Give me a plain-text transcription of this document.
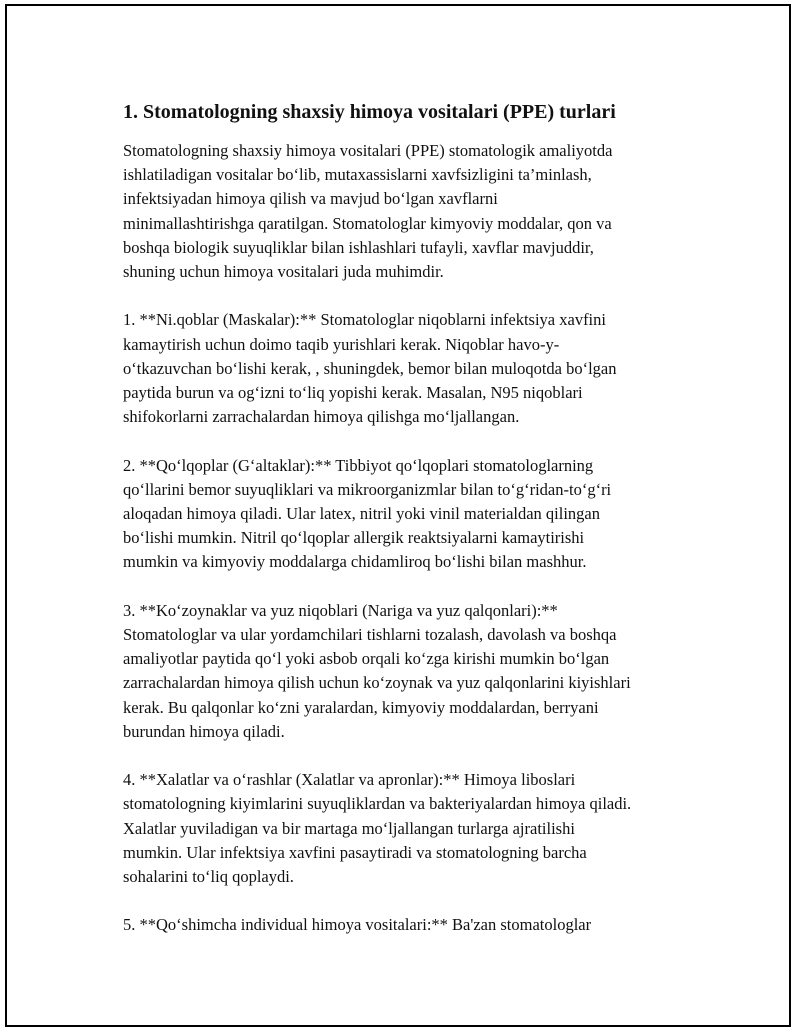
1. Stomatologning shaxsiy himoya vositalari (PPE) turlari
Stomatologning shaxsiy himoya vositalari (PPE) stomatologik amaliyotda
ishlatiladigan vositalar bo‘lib, mutaxassislarni xavfsizligini ta’minlash,
infektsiyadan himoya qilish va mavjud bo‘lgan xavflarni
minimallashtirishga qaratilgan. Stomatologlar kimyoviy moddalar, qon va
boshqa biologik suyuqliklar bilan ishlashlari tufayli, xavflar mavjuddir,
shuning uchun himoya vositalari juda muhimdir.
1. **Ni.qoblar (Maskalar):** Stomatologlar niqoblarni infektsiya xavfini
kamaytirish uchun doimo taqib yurishlari kerak. Niqoblar havo-y-
o‘tkazuvchan bo‘lishi kerak, , shuningdek, bemor bilan muloqotda bo‘lgan
paytida burun va og‘izni to‘liq yopishi kerak. Masalan, N95 niqoblari
shifokorlarni zarrachalardan himoya qilishga mo‘ljallangan.
2. **Qo‘lqoplar (G‘altaklar):** Tibbiyot qo‘lqoplari stomatologlarning
qo‘llarini bemor suyuqliklari va mikroorganizmlar bilan to‘g‘ridan-to‘g‘ri
aloqadan himoya qiladi. Ular latex, nitril yoki vinil materialdan qilingan
bo‘lishi mumkin. Nitril qo‘lqoplar allergik reaktsiyalarni kamaytirishi
mumkin va kimyoviy moddalarga chidamliroq bo‘lishi bilan mashhur.
3. **Ko‘zoynaklar va yuz niqoblari (Nariga va yuz qalqonlari):**
Stomatologlar va ular yordamchilari tishlarni tozalash, davolash va boshqa
amaliyotlar paytida qo‘l yoki asbob orqali ko‘zga kirishi mumkin bo‘lgan
zarrachalardan himoya qilish uchun ko‘zoynak va yuz qalqonlarini kiyishlari
kerak. Bu qalqonlar ko‘zni yaralardan, kimyoviy moddalardan, berryani
burundan himoya qiladi.
4. **Xalatlar va o‘rashlar (Xalatlar va apronlar):** Himoya liboslari
stomatologning kiyimlarini suyuqliklardan va bakteriyalardan himoya qiladi.
Xalatlar yuviladigan va bir martaga mo‘ljallangan turlarga ajratilishi
mumkin. Ular infektsiya xavfini pasaytiradi va stomatologning barcha
sohalarini to‘liq qoplaydi.
5. **Qo‘shimcha individual himoya vositalari:** Ba'zan stomatologlar
